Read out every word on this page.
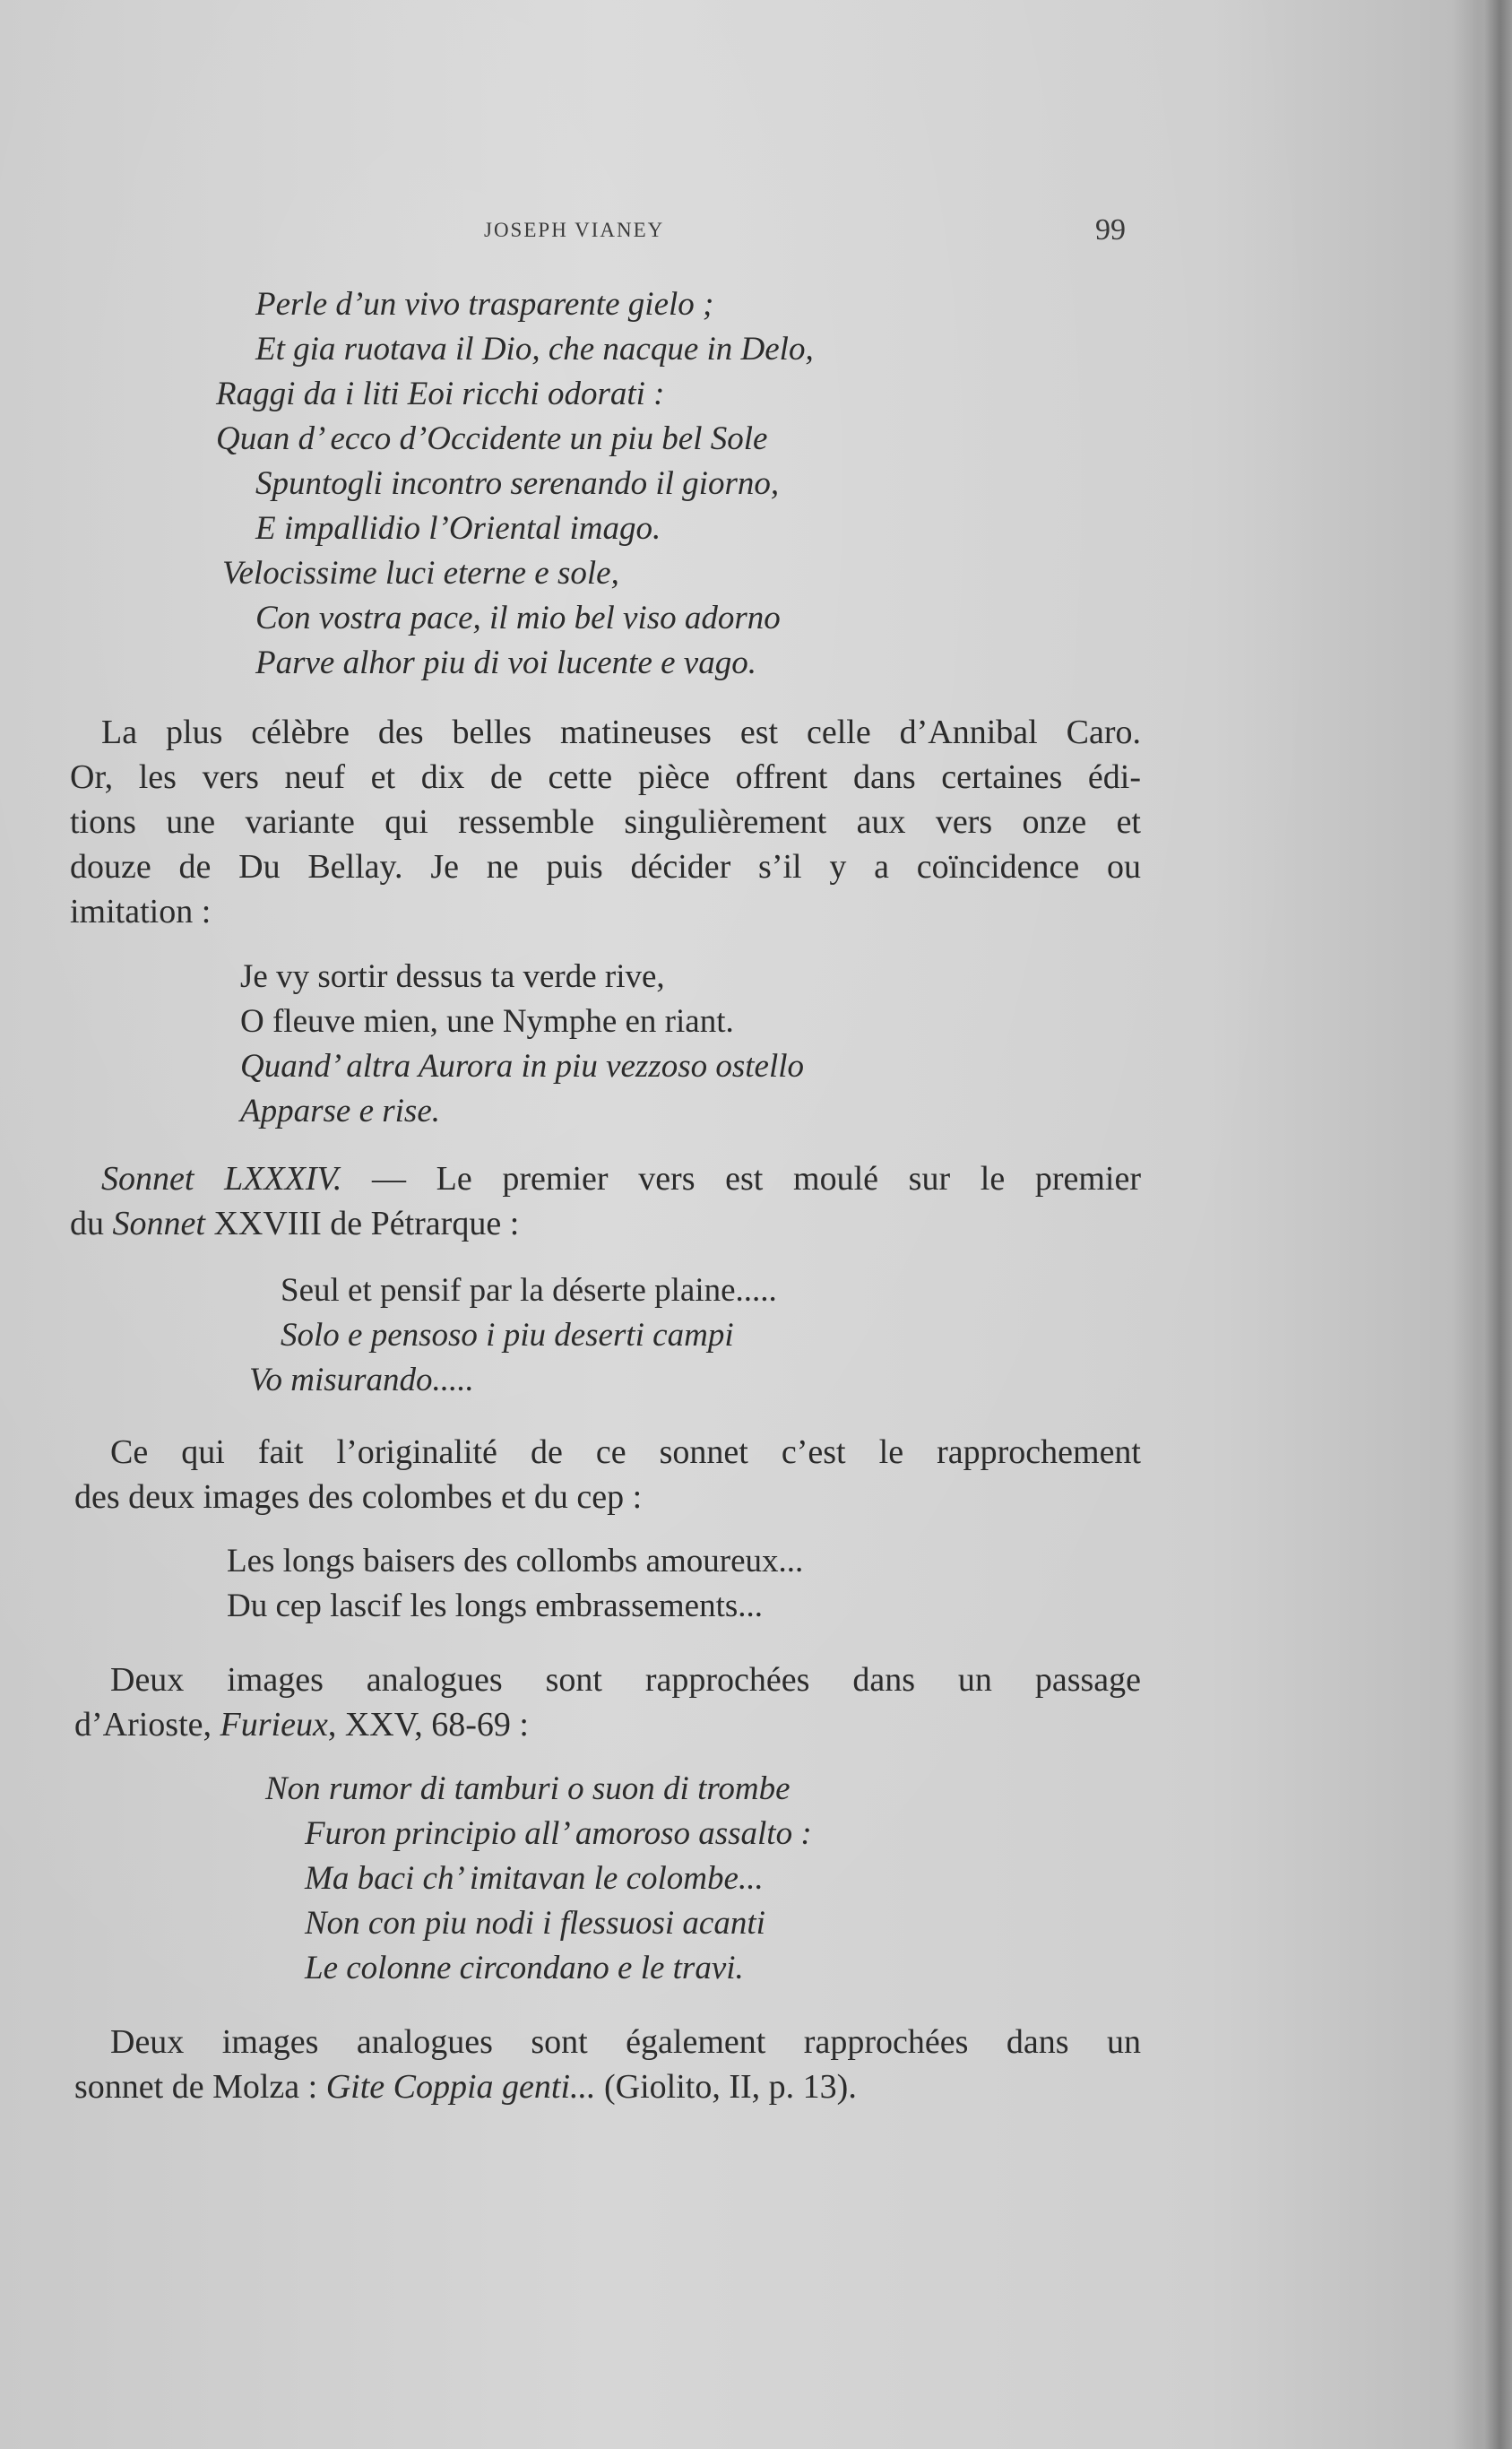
JOSEPH VIANEY	99
Perle d’un vivo trasparente gielo ;
Et gia ruotava il Dio, che nacque in Delo,
Raggi da i liti Eoi ricchi odorati :
Quan d’ ecco d’Occidente un piu bel Sole
Spuntogli incontro serenando il giorno,
E impallidio l’Oriental imago.
Velocissime luci eterne e sole,
Con vostra pace, il mio bel viso adorno
Parve alhor piu di voi lucente e vago.
La plus célèbre des belles matineuses est celle d’Annibal Caro.
Or, les vers neuf et dix de cette pièce offrent dans certaines édi-
tions une variante qui ressemble singulièrement aux vers onze et
douze de Du Bellay. Je ne puis décider s’il y a coïncidence ou
imitation :
Je vy sortir dessus ta verde rive,
O fleuve mien, une Nymphe en riant.
Quand’ altra Aurora in piu vezzoso ostello
Apparse e rise.
Sonnet LXXXIV. — Le premier vers est moulé sur le premier
du Sonnet XXVIII de Pétrarque :
Seul et pensif par la déserte plaine.....
Solo e pensoso i piu deserti campi
Vo misurando.....
Ce qui fait l’originalité de ce sonnet c’est le rapprochement
des deux images des colombes et du cep :
Les longs baisers des collombs amoureux...
Du cep lascif les longs embrassements...
Deux images analogues sont rapprochées dans un passage
d’Arioste, Furieux, XXV, 68-69 :
Non rumor di tamburi o suon di trombe
Furon principio all’ amoroso assalto :
Ma baci ch’ imitavan le colombe...
Non con piu nodi i flessuosi acanti
Le colonne circondano e le travi.
Deux images analogues sont également rapprochées dans un
sonnet de Molza : Gite Coppia genti... (Giolito, II, p. 13).
